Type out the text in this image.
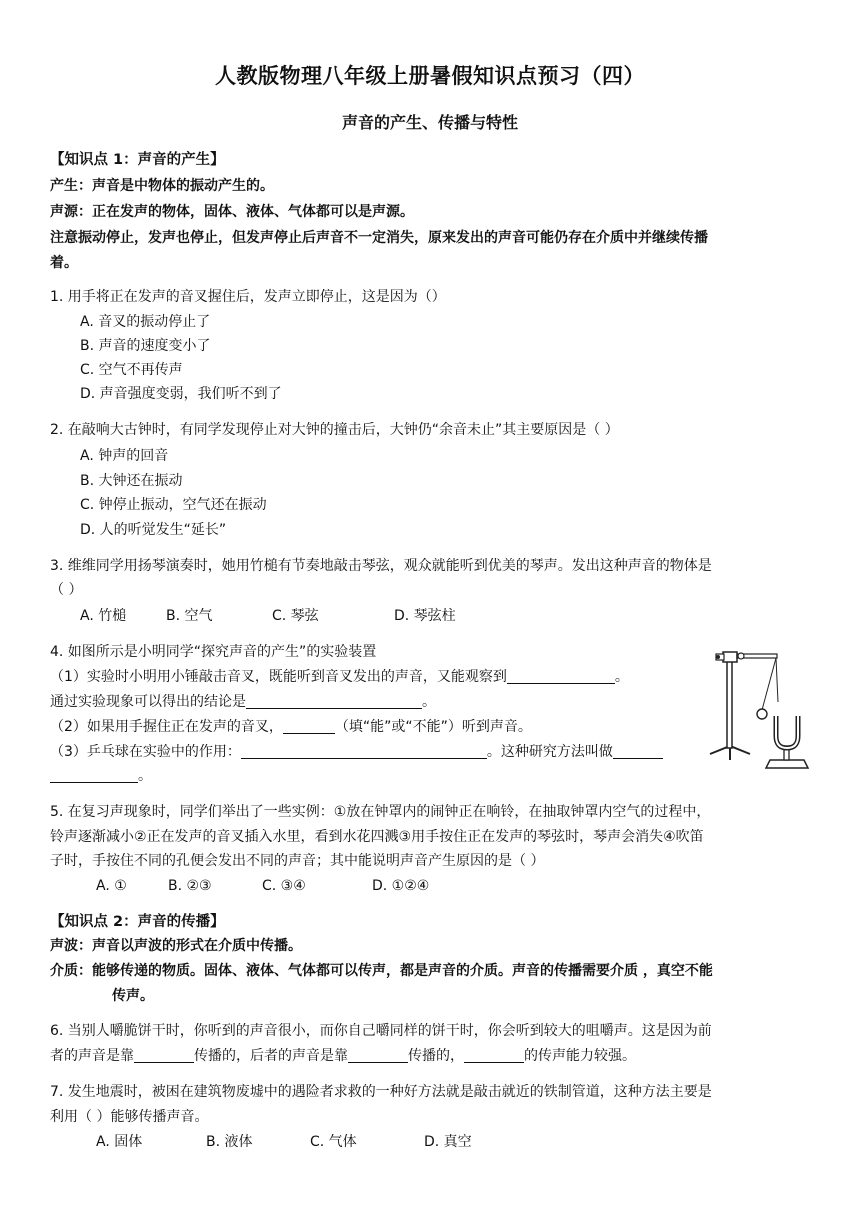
人教版物理八年级上册暑假知识点预习（四）
声音的产生、传播与特性
【知识点 1：声音的产生】
产生：声音是中物体的振动产生的。
声源：正在发声的物体，固体、液体、气体都可以是声源。
注意振动停止，发声也停止，但发声停止后声音不一定消失，原来发出的声音可能仍存在介质中并继续传播
着。
1. 用手将正在发声的音叉握住后，发声立即停止，这是因为（）
A. 音叉的振动停止了
B. 声音的速度变小了
C. 空气不再传声
D. 声音强度变弱，我们听不到了
2. 在敲响大古钟时，有同学发现停止对大钟的撞击后，大钟仍“余音未止”其主要原因是（ ）
A. 钟声的回音
B. 大钟还在振动
C. 钟停止振动，空气还在振动
D. 人的听觉发生“延长”
3. 维维同学用扬琴演奏时，她用竹槌有节奏地敲击琴弦，观众就能听到优美的琴声。发出这种声音的物体是
（ ）
A. 竹槌	B. 空气	C. 琴弦	D. 琴弦柱
4. 如图所示是小明同学“探究声音的产生”的实验装置
（1）实验时小明用小锤敲击音叉，既能听到音叉发出的声音，又能观察到	。
通过实验现象可以得出的结论是	。
（2）如果用手握住正在发声的音叉，	（填“能”或“不能”）听到声音。
（3）乒乓球在实验中的作用：	。这种研究方法叫做
。
5. 在复习声现象时，同学们举出了一些实例：①放在钟罩内的闹钟正在响铃，在抽取钟罩内空气的过程中，
铃声逐渐减小②正在发声的音叉插入水里，看到水花四溅③用手按住正在发声的琴弦时，琴声会消失④吹笛
子时，手按住不同的孔便会发出不同的声音；其中能说明声音产生原因的是（ ）
A. ①	B. ②③	C. ③④	D. ①②④
【知识点 2：声音的传播】
声波：声音以声波的形式在介质中传播。
介质：能够传递的物质。固体、液体、气体都可以传声，都是声音的介质。声音的传播需要介质 ，真空不能
传声。
6. 当别人嚼脆饼干时，你听到的声音很小，而你自己嚼同样的饼干时，你会听到较大的咀嚼声。这是因为前
者的声音是靠	传播的，后者的声音是靠	传播的，	的传声能力较强。
7. 发生地震时，被困在建筑物废墟中的遇险者求救的一种好方法就是敲击就近的铁制管道，这种方法主要是
利用（ ）能够传播声音。
A. 固体	B. 液体	C. 气体	D. 真空
